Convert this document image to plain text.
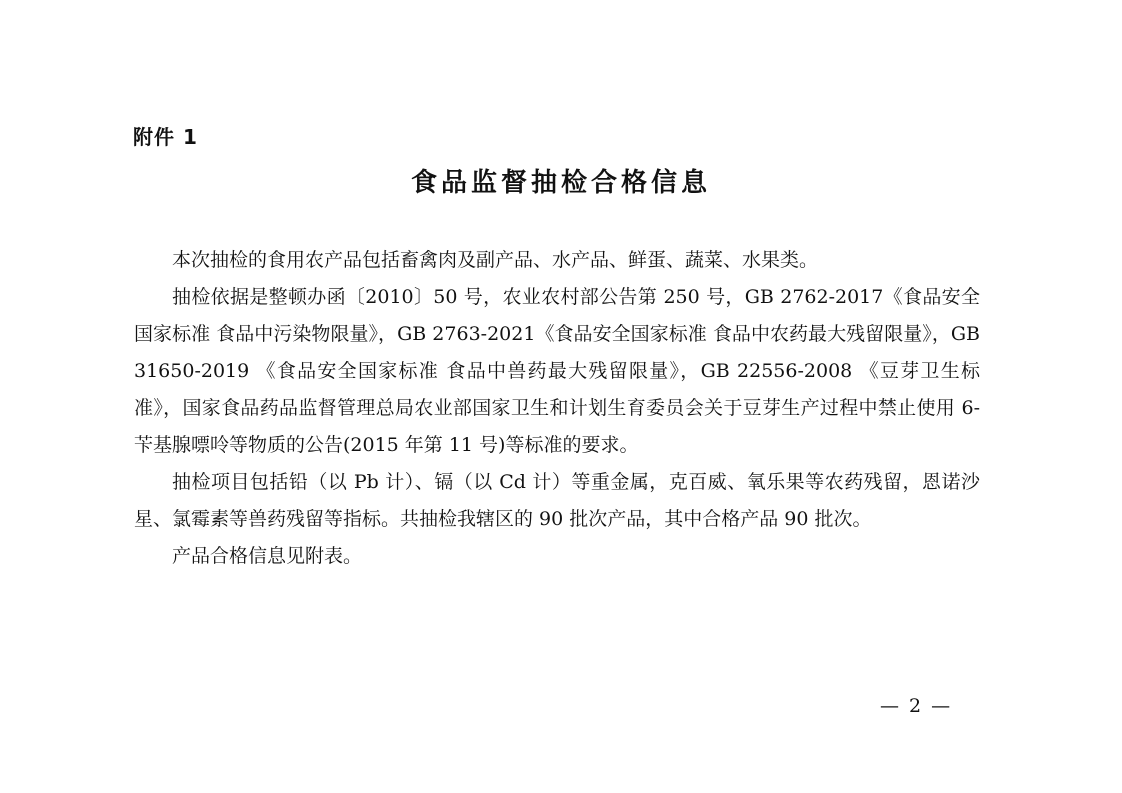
附件 1
食品监督抽检合格信息

本次抽检的食用农产品包括畜禽肉及副产品、水产品、鲜蛋、蔬菜、水果类。

抽检依据是整顿办函〔2010〕50 号，农业农村部公告第 250 号，GB 2762-2017《食品安全国家标准 食品中污染物限量》，GB 2763-2021《食品安全国家标准 食品中农药最大残留限量》，GB 31650-2019 《食品安全国家标准 食品中兽药最大残留限量》，GB 22556-2008 《豆芽卫生标准》，国家食品药品监督管理总局农业部国家卫生和计划生育委员会关于豆芽生产过程中禁止使用 6-苄基腺嘌呤等物质的公告(2015 年第 11 号)等标准的要求。

抽检项目包括铅（以 Pb 计）、镉（以 Cd 计）等重金属，克百威、氧乐果等农药残留，恩诺沙星、氯霉素等兽药残留等指标。共抽检我辖区的 90 批次产品，其中合格产品 90 批次。

产品合格信息见附表。

— 2 —
